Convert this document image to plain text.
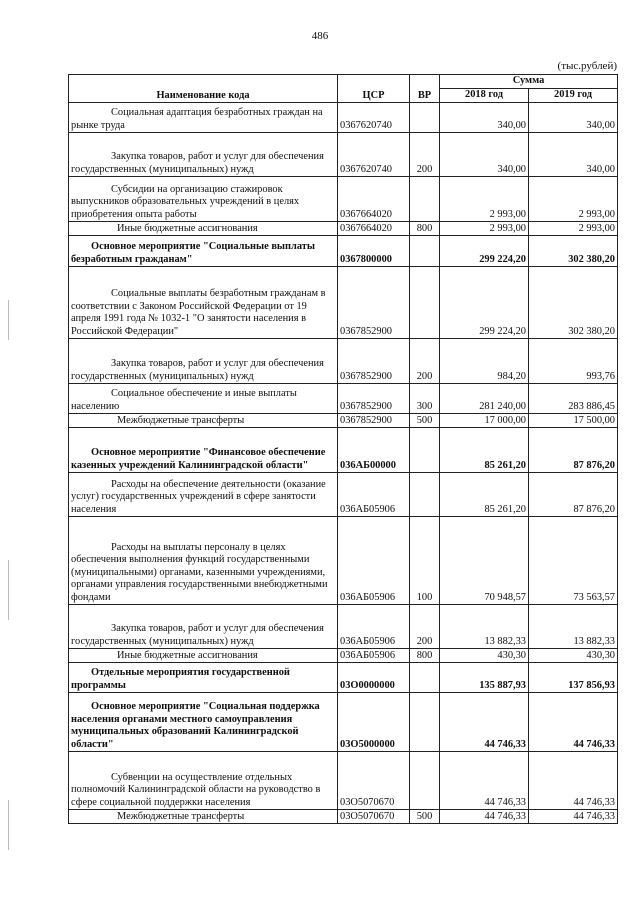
486
(тыс.рублей)
Наименование кода	ЦСР	ВР	Сумма	
			2018 год	2019 год

Социальная адаптация безработных граждан на рынке труда	0367620740		340,00	340,00

Закупка товаров, работ и услуг для обеспечения государственных (муниципальных) нужд	0367620740	200	340,00	340,00

Субсидии на организацию стажировок выпускников образовательных учреждений в целях приобретения опыта работы	0367664020		2 993,00	2 993,00

Иные бюджетные ассигнования	0367664020	800	2 993,00	2 993,00

Основное мероприятие "Социальные выплаты безработным гражданам"	0367800000		299 224,20	302 380,20

Социальные выплаты безработным гражданам в соответствии с Законом Российской Федерации от 19 апреля 1991 года № 1032-1 "О занятости населения в Российской Федерации"	0367852900		299 224,20	302 380,20

Закупка товаров, работ и услуг для обеспечения государственных (муниципальных) нужд	0367852900	200	984,20	993,76

Социальное обеспечение и иные выплаты населению	0367852900	300	281 240,00	283 886,45

Межбюджетные трансферты	0367852900	500	17 000,00	17 500,00

Основное мероприятие "Финансовое обеспечение казенных учреждений Калининградской области"	036АБ00000		85 261,20	87 876,20

Расходы на обеспечение деятельности (оказание услуг) государственных учреждений в сфере занятости населения	036АБ05906		85 261,20	87 876,20

Расходы на выплаты персоналу в целях обеспечения выполнения функций государственными (муниципальными) органами, казенными учреждениями, органами управления государственными внебюджетными фондами	036АБ05906	100	70 948,57	73 563,57

Закупка товаров, работ и услуг для обеспечения государственных (муниципальных) нужд	036АБ05906	200	13 882,33	13 882,33

Иные бюджетные ассигнования	036АБ05906	800	430,30	430,30

Отдельные мероприятия государственной программы	03О0000000		135 887,93	137 856,93

Основное мероприятие "Социальная поддержка населения органами местного самоуправления муниципальных образований Калининградской области"	03О5000000		44 746,33	44 746,33

Субвенции на осуществление отдельных полномочий Калининградской области на руководство в сфере социальной поддержки населения	03О5070670		44 746,33	44 746,33

Межбюджетные трансферты	03О5070670	500	44 746,33	44 746,33
